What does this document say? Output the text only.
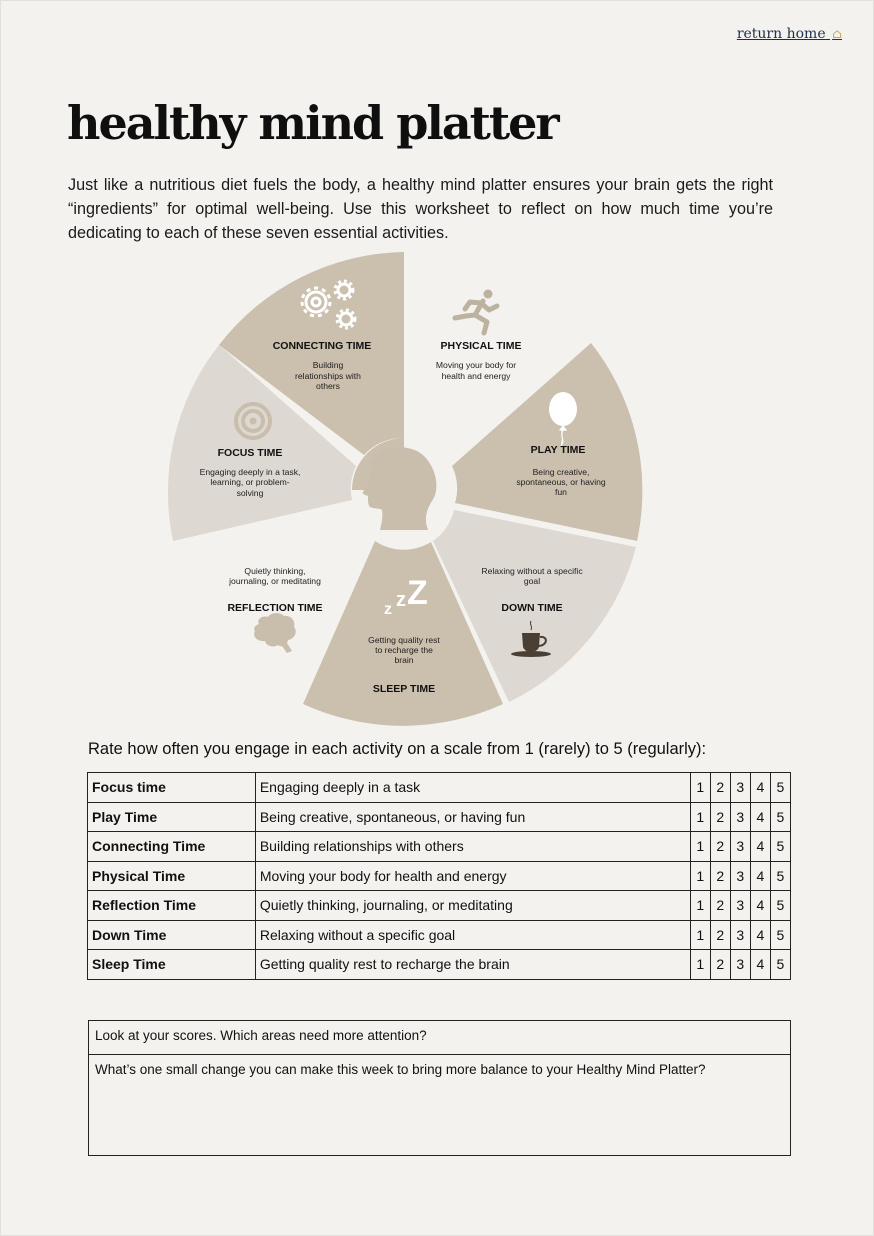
return home ⌂
healthy mind platter

Just like a nutritious diet fuels the body, a healthy mind platter ensures your brain gets the right “ingredients” for optimal well-being. Use this worksheet to reflect on how much time you’re dedicating to each of these seven essential activities.

z z Z
CONNECTING TIME
Building
relationships with
others
PHYSICAL TIME
Moving your body for
health and energy
PLAY TIME
Being creative,
spontaneous, or having
fun
Relaxing without a specific
goal
DOWN TIME
Getting quality rest
to recharge the
brain
SLEEP TIME
Quietly thinking,
journaling, or meditating
REFLECTION TIME
FOCUS TIME
Engaging deeply in a task,
learning, or problem-
solving

Rate how often you engage in each activity on a scale from 1 (rarely) to 5 (regularly):

Focus time	Engaging deeply in a task	1	2	3	4	5
Play Time	Being creative, spontaneous, or having fun	1	2	3	4	5
Connecting Time	Building relationships with others	1	2	3	4	5
Physical Time	Moving your body for health and energy	1	2	3	4	5
Reflection Time	Quietly thinking, journaling, or meditating	1	2	3	4	5
Down Time	Relaxing without a specific goal	1	2	3	4	5
Sleep Time	Getting quality rest to recharge the brain	1	2	3	4	5
Look at your scores. Which areas need more attention?
What’s one small change you can make this week to bring more balance to your Healthy Mind Platter?
